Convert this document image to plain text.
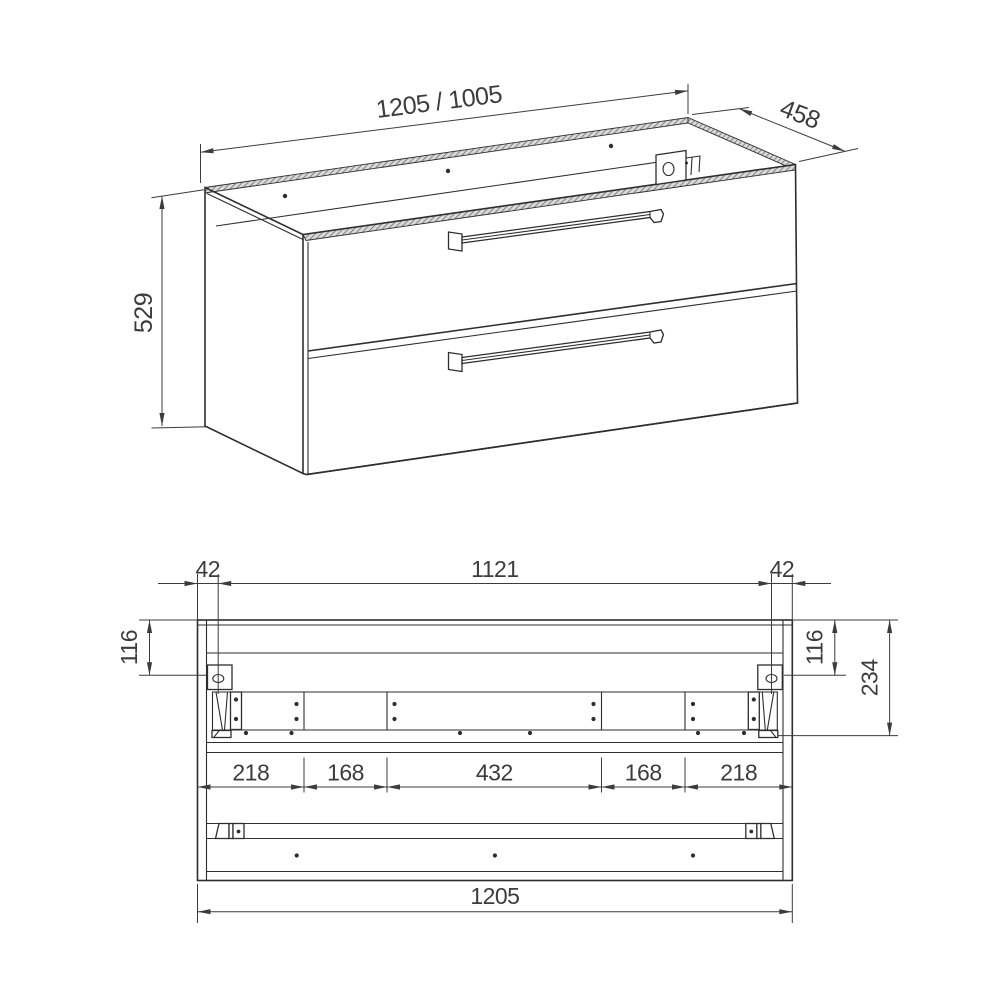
1205 / 1005	458
529
42	1121	42
116	116
234
218	168	432	168	218
1205
